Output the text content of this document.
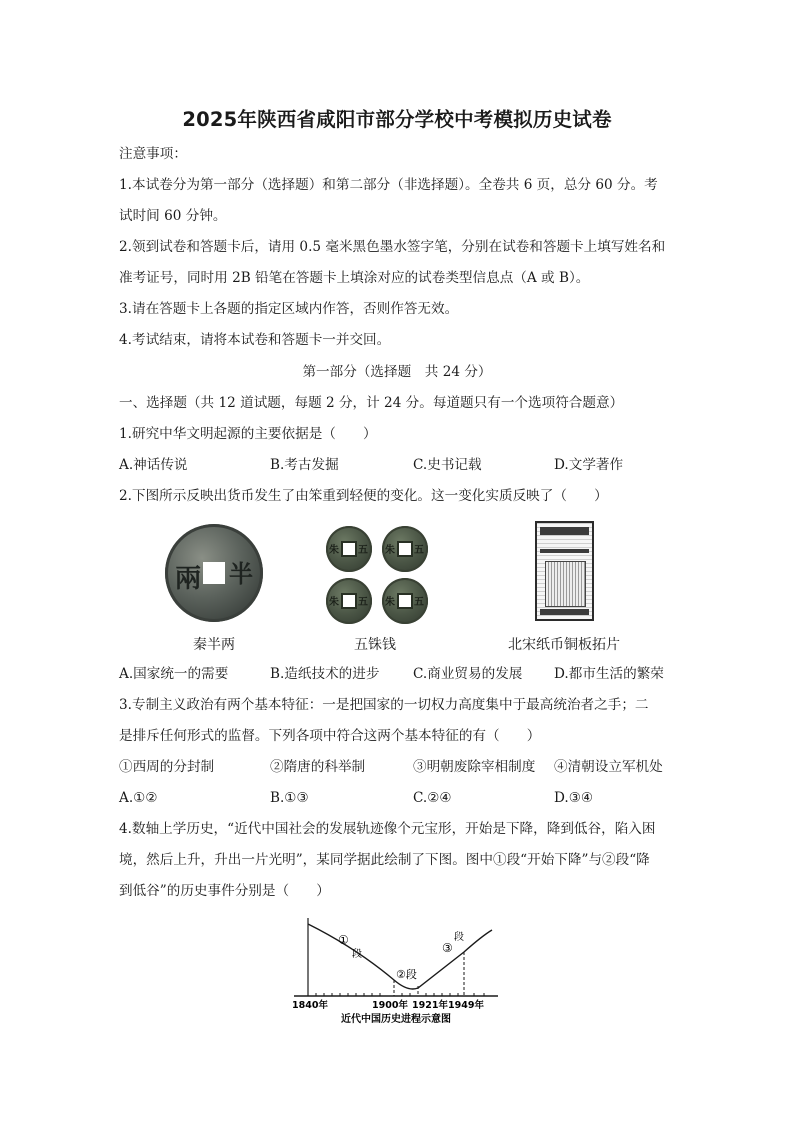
2025年陕西省咸阳市部分学校中考模拟历史试卷
注意事项：
1.本试卷分为第一部分（选择题）和第二部分（非选择题）。全卷共 6 页，总分 60 分。考
试时间 60 分钟。
2.领到试卷和答题卡后，请用 0.5 毫米黑色墨水签字笔，分别在试卷和答题卡上填写姓名和
准考证号，同时用 2B 铅笔在答题卡上填涂对应的试卷类型信息点（A 或 B）。
3.请在答题卡上各题的指定区域内作答，否则作答无效。
4.考试结束，请将本试卷和答题卡一并交回。
第一部分（选择题　共 24 分）
一、选择题（共 12 道试题，每题 2 分，计 24 分。每道题只有一个选项符合题意）
1.研究中华文明起源的主要依据是（　　）
A.神话传说	B.考古发掘	C.史书记载	D.文学著作
2.下图所示反映出货币发生了由笨重到轻便的变化。这一变化实质反映了（　　）
兩 半
五
朱	五
朱
五
朱	五
朱
秦半两	五铢钱	北宋纸币铜板拓片
A.国家统一的需要	B.造纸技术的进步 C.商业贸易的发展 D.都市生活的繁荣
3.专制主义政治有两个基本特征：一是把国家的一切权力高度集中于最高统治者之手；二
是排斥任何形式的监督。下列各项中符合这两个基本特征的有（　　）
①西周的分封制	②隋唐的科举制	③明朝废除宰相制度 ④清朝设立军机处
A.①②	B.①③	C.②④	D.③④
4.数轴上学历史，“近代中国社会的发展轨迹像个元宝形，开始是下降，降到低谷，陷入困
境，然后上升，升出一片光明”，某同学据此绘制了下图。图中①段“开始下降”与②段“降
到低谷”的历史事件分别是（　　）
①
段
②段
③
段
1840年	1900年 1921年 1949年
近代中国历史进程示意图
